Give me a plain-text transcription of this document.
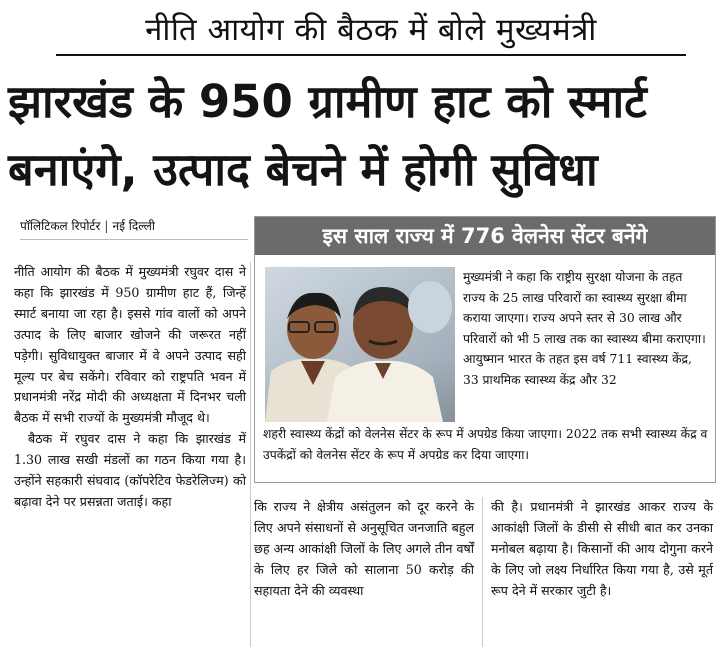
नीति आयोग की बैठक में बोले मुख्यमंत्री
झारखंड के 950 ग्रामीण हाट को स्मार्ट
बनाएंगे, उत्पाद बेचने में होगी सुविधा
पॉलिटिकल रिपोर्टर | नई दिल्ली

नीति आयोग की बैठक में मुख्यमंत्री रघुवर दास ने कहा कि झारखंड में 950 ग्रामीण हाट हैं, जिन्हें स्मार्ट बनाया जा रहा है। इससे गांव वालों को अपने उत्पाद के लिए बाजार खोजने की जरूरत नहीं पड़ेगी। सुविधायुक्त बाजार में वे अपने उत्पाद सही मूल्य पर बेच सकेंगे। रविवार को राष्ट्रपति भवन में प्रधानमंत्री नरेंद्र मोदी की अध्यक्षता में दिनभर चली बैठक में सभी राज्यों के मुख्यमंत्री मौजूद थे।

बैठक में रघुवर दास ने कहा कि झारखंड में 1.30 लाख सखी मंडलों का गठन किया गया है। उन्होंने सहकारी संघवाद (कॉपरेटिव फेडरेलिज्म) को बढ़ावा देने पर प्रसन्नता जताई। कहा	कि राज्य ने क्षेत्रीय असंतुलन को दूर करने के लिए अपने संसाधनों से अनुसूचित जनजाति बहुल छह अन्य आकांक्षी जिलों के लिए अगले तीन वर्षों के लिए हर जिले को सालाना 50 करोड़ की सहायता देने की व्यवस्था

की है। प्रधानमंत्री ने झारखंड आकर राज्य के आकांक्षी जिलों के डीसी से सीधी बात कर उनका मनोबल बढ़ाया है। किसानों की आय दोगुना करने के लिए जो लक्ष्य निर्धारित किया गया है, उसे मूर्त रूप देने में सरकार जुटी है।

इस साल राज्य में 776 वेलनेस सेंटर बनेंगे

मुख्यमंत्री ने कहा कि राष्ट्रीय सुरक्षा योजना के तहत राज्य के 25 लाख परिवारों का स्वास्थ्य सुरक्षा बीमा कराया जाएगा। राज्य अपने स्तर से 30 लाख और परिवारों को भी 5 लाख तक का स्वास्थ्य बीमा कराएगा। आयुष्मान भारत के तहत इस वर्ष 711 स्वास्थ्य केंद्र, 33 प्राथमिक स्वास्थ्य केंद्र और 32

शहरी स्वास्थ्य केंद्रों को वेलनेस सेंटर के रूप में अपग्रेड किया जाएगा। 2022 तक सभी स्वास्थ्य केंद्र व उपकेंद्रों को वेलनेस सेंटर के रूप में अपग्रेड कर दिया जाएगा।
